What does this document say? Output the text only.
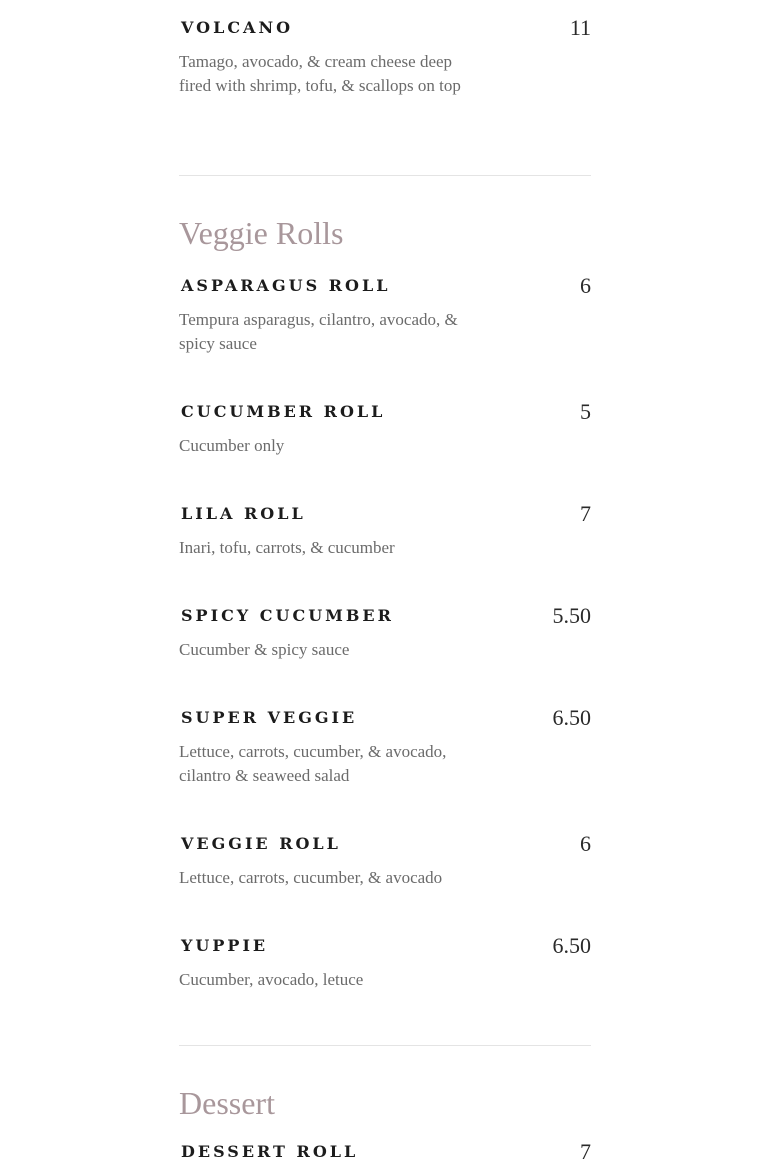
VOLCANO	11
Tamago, avocado, & cream cheese deep fired with shrimp, tofu, & scallops on top
Veggie Rolls
ASPARAGUS ROLL	6
Tempura asparagus, cilantro, avocado, & spicy sauce
CUCUMBER ROLL	5
Cucumber only
LILA ROLL	7
Inari, tofu, carrots, & cucumber
SPICY CUCUMBER	5.50
Cucumber & spicy sauce
SUPER VEGGIE	6.50
Lettuce, carrots, cucumber, & avocado, cilantro & seaweed salad
VEGGIE ROLL	6
Lettuce, carrots, cucumber, & avocado
YUPPIE	6.50
Cucumber, avocado, letuce
Dessert
DESSERT ROLL	7
